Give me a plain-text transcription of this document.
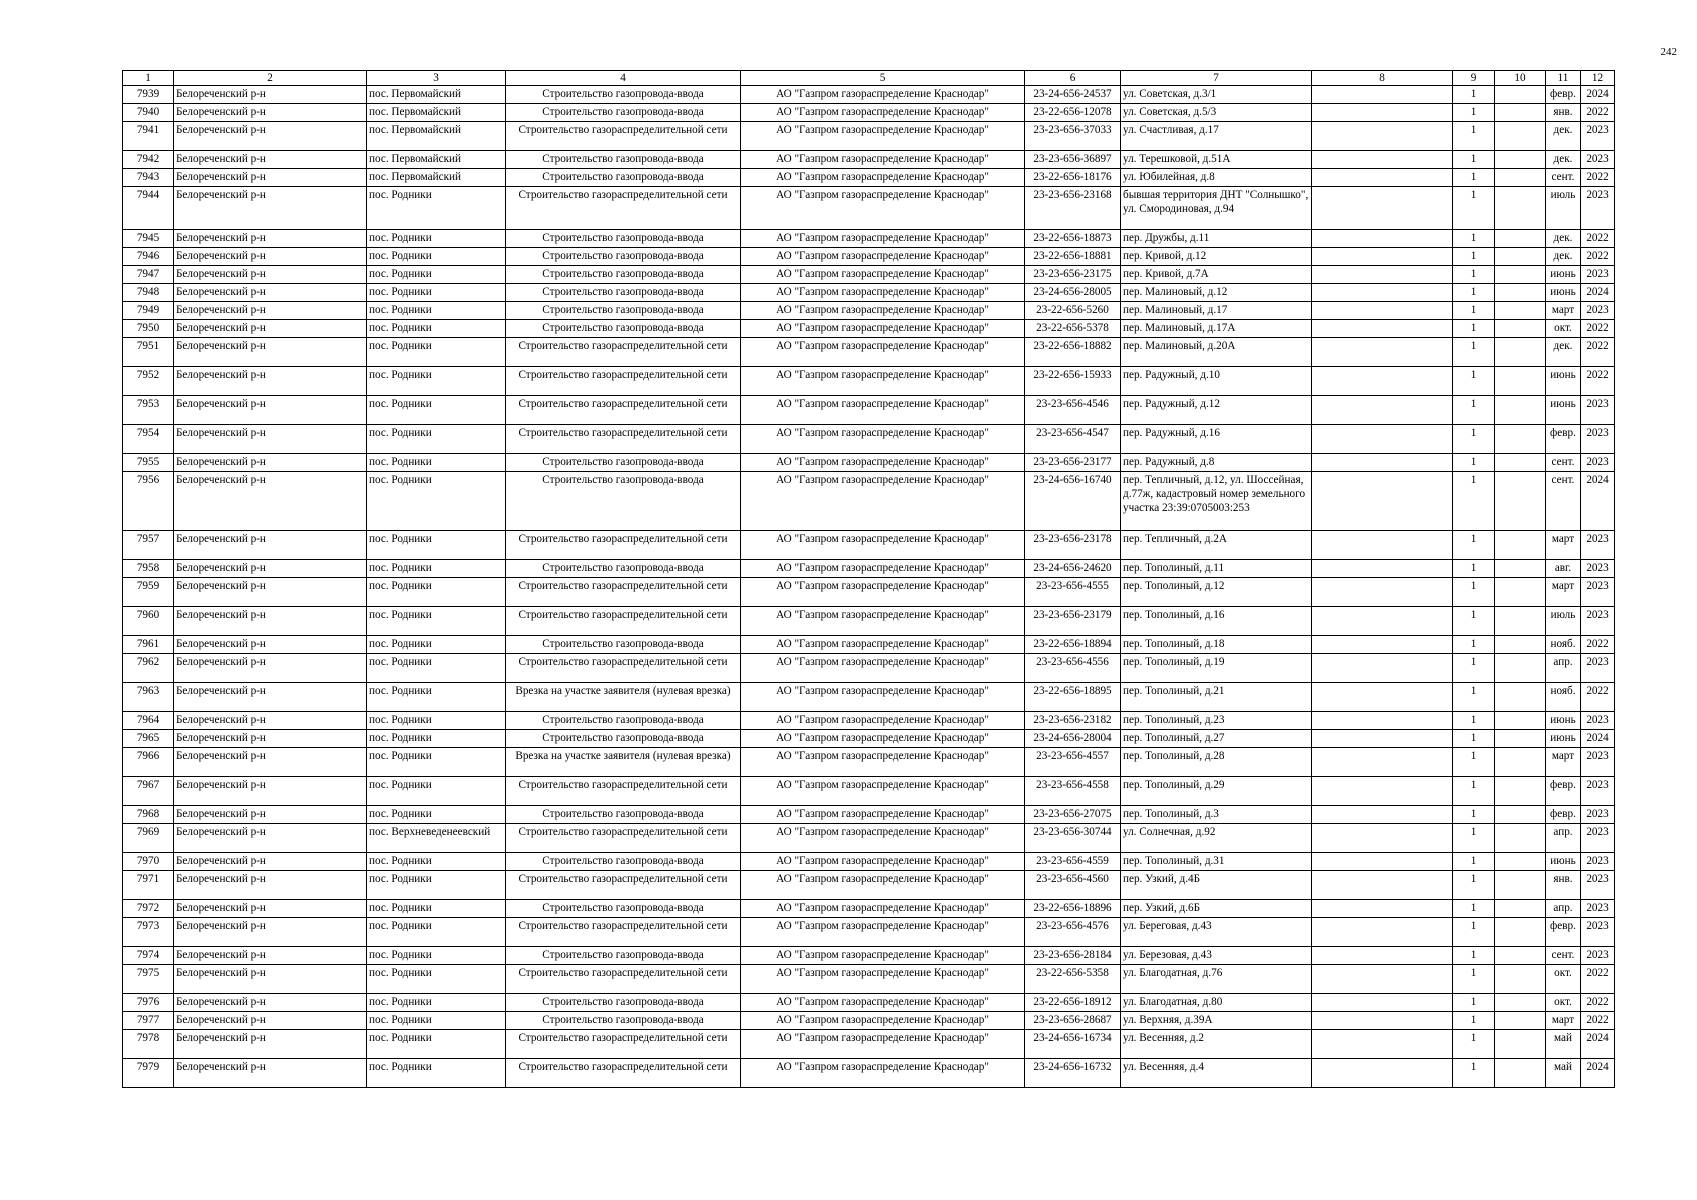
242
1	2	3	4	5	6	7	8	9	10	11	12
7939	Белореченский р-н	пос. Первомайский	Строительство газопровода-ввода	АО "Газпром газораспределение Краснодар"	23-24-656-24537	ул. Советская, д.3/1		1		февр.	2024
7940	Белореченский р-н	пос. Первомайский	Строительство газопровода-ввода	АО "Газпром газораспределение Краснодар"	23-22-656-12078	ул. Советская, д.5/3		1		янв.	2022
7941	Белореченский р-н	пос. Первомайский	Строительство газораспределительной сети	АО "Газпром газораспределение Краснодар"	23-23-656-37033	ул. Счастливая, д.17		1		дек.	2023
7942	Белореченский р-н	пос. Первомайский	Строительство газопровода-ввода	АО "Газпром газораспределение Краснодар"	23-23-656-36897	ул. Терешковой, д.51А		1		дек.	2023
7943	Белореченский р-н	пос. Первомайский	Строительство газопровода-ввода	АО "Газпром газораспределение Краснодар"	23-22-656-18176	ул. Юбилейная, д.8		1		сент.	2022
7944	Белореченский р-н	пос. Родники	Строительство газораспределительной сети	АО "Газпром газораспределение Краснодар"	23-23-656-23168	бывшая территория ДНТ "Солнышко", ул. Смородиновая, д.94		1		июль	2023
7945	Белореченский р-н	пос. Родники	Строительство газопровода-ввода	АО "Газпром газораспределение Краснодар"	23-22-656-18873	пер. Дружбы, д.11		1		дек.	2022
7946	Белореченский р-н	пос. Родники	Строительство газопровода-ввода	АО "Газпром газораспределение Краснодар"	23-22-656-18881	пер. Кривой, д.12		1		дек.	2022
7947	Белореченский р-н	пос. Родники	Строительство газопровода-ввода	АО "Газпром газораспределение Краснодар"	23-23-656-23175	пер. Кривой, д.7А		1		июнь	2023
7948	Белореченский р-н	пос. Родники	Строительство газопровода-ввода	АО "Газпром газораспределение Краснодар"	23-24-656-28005	пер. Малиновый, д.12		1		июнь	2024
7949	Белореченский р-н	пос. Родники	Строительство газопровода-ввода	АО "Газпром газораспределение Краснодар"	23-22-656-5260	пер. Малиновый, д.17		1		март	2023
7950	Белореченский р-н	пос. Родники	Строительство газопровода-ввода	АО "Газпром газораспределение Краснодар"	23-22-656-5378	пер. Малиновый, д.17А		1		окт.	2022
7951	Белореченский р-н	пос. Родники	Строительство газораспределительной сети	АО "Газпром газораспределение Краснодар"	23-22-656-18882	пер. Малиновый, д.20А		1		дек.	2022
7952	Белореченский р-н	пос. Родники	Строительство газораспределительной сети	АО "Газпром газораспределение Краснодар"	23-22-656-15933	пер. Радужный, д.10		1		июнь	2022
7953	Белореченский р-н	пос. Родники	Строительство газораспределительной сети	АО "Газпром газораспределение Краснодар"	23-23-656-4546	пер. Радужный, д.12		1		июнь	2023
7954	Белореченский р-н	пос. Родники	Строительство газораспределительной сети	АО "Газпром газораспределение Краснодар"	23-23-656-4547	пер. Радужный, д.16		1		февр.	2023
7955	Белореченский р-н	пос. Родники	Строительство газопровода-ввода	АО "Газпром газораспределение Краснодар"	23-23-656-23177	пер. Радужный, д.8		1		сент.	2023
7956	Белореченский р-н	пос. Родники	Строительство газопровода-ввода	АО "Газпром газораспределение Краснодар"	23-24-656-16740	пер. Тепличный, д.12, ул. Шоссейная, д.77ж, кадастровый номер земельного участка 23:39:0705003:253		1		сент.	2024
7957	Белореченский р-н	пос. Родники	Строительство газораспределительной сети	АО "Газпром газораспределение Краснодар"	23-23-656-23178	пер. Тепличный, д.2А		1		март	2023
7958	Белореченский р-н	пос. Родники	Строительство газопровода-ввода	АО "Газпром газораспределение Краснодар"	23-24-656-24620	пер. Тополиный, д.11		1		авг.	2023
7959	Белореченский р-н	пос. Родники	Строительство газораспределительной сети	АО "Газпром газораспределение Краснодар"	23-23-656-4555	пер. Тополиный, д.12		1		март	2023
7960	Белореченский р-н	пос. Родники	Строительство газораспределительной сети	АО "Газпром газораспределение Краснодар"	23-23-656-23179	пер. Тополиный, д.16		1		июль	2023
7961	Белореченский р-н	пос. Родники	Строительство газопровода-ввода	АО "Газпром газораспределение Краснодар"	23-22-656-18894	пер. Тополиный, д.18		1		нояб.	2022
7962	Белореченский р-н	пос. Родники	Строительство газораспределительной сети	АО "Газпром газораспределение Краснодар"	23-23-656-4556	пер. Тополиный, д.19		1		апр.	2023
7963	Белореченский р-н	пос. Родники	Врезка на участке заявителя (нулевая врезка)	АО "Газпром газораспределение Краснодар"	23-22-656-18895	пер. Тополиный, д.21		1		нояб.	2022
7964	Белореченский р-н	пос. Родники	Строительство газопровода-ввода	АО "Газпром газораспределение Краснодар"	23-23-656-23182	пер. Тополиный, д.23		1		июнь	2023
7965	Белореченский р-н	пос. Родники	Строительство газопровода-ввода	АО "Газпром газораспределение Краснодар"	23-24-656-28004	пер. Тополиный, д.27		1		июнь	2024
7966	Белореченский р-н	пос. Родники	Врезка на участке заявителя (нулевая врезка)	АО "Газпром газораспределение Краснодар"	23-23-656-4557	пер. Тополиный, д.28		1		март	2023
7967	Белореченский р-н	пос. Родники	Строительство газораспределительной сети	АО "Газпром газораспределение Краснодар"	23-23-656-4558	пер. Тополиный, д.29		1		февр.	2023
7968	Белореченский р-н	пос. Родники	Строительство газопровода-ввода	АО "Газпром газораспределение Краснодар"	23-23-656-27075	пер. Тополиный, д.3		1		февр.	2023
7969	Белореченский р-н	пос. Верхневеденеевский	Строительство газораспределительной сети	АО "Газпром газораспределение Краснодар"	23-23-656-30744	ул. Солнечная, д.92		1		апр.	2023
7970	Белореченский р-н	пос. Родники	Строительство газопровода-ввода	АО "Газпром газораспределение Краснодар"	23-23-656-4559	пер. Тополиный, д.31		1		июнь	2023
7971	Белореченский р-н	пос. Родники	Строительство газораспределительной сети	АО "Газпром газораспределение Краснодар"	23-23-656-4560	пер. Узкий, д.4Б		1		янв.	2023
7972	Белореченский р-н	пос. Родники	Строительство газопровода-ввода	АО "Газпром газораспределение Краснодар"	23-22-656-18896	пер. Узкий, д.6Б		1		апр.	2023
7973	Белореченский р-н	пос. Родники	Строительство газораспределительной сети	АО "Газпром газораспределение Краснодар"	23-23-656-4576	ул. Береговая, д.43		1		февр.	2023
7974	Белореченский р-н	пос. Родники	Строительство газопровода-ввода	АО "Газпром газораспределение Краснодар"	23-23-656-28184	ул. Березовая, д.43		1		сент.	2023
7975	Белореченский р-н	пос. Родники	Строительство газораспределительной сети	АО "Газпром газораспределение Краснодар"	23-22-656-5358	ул. Благодатная, д.76		1		окт.	2022
7976	Белореченский р-н	пос. Родники	Строительство газопровода-ввода	АО "Газпром газораспределение Краснодар"	23-22-656-18912	ул. Благодатная, д.80		1		окт.	2022
7977	Белореченский р-н	пос. Родники	Строительство газопровода-ввода	АО "Газпром газораспределение Краснодар"	23-23-656-28687	ул. Верхняя, д.39А		1		март	2022
7978	Белореченский р-н	пос. Родники	Строительство газораспределительной сети	АО "Газпром газораспределение Краснодар"	23-24-656-16734	ул. Весенняя, д.2		1		май	2024
7979	Белореченский р-н	пос. Родники	Строительство газораспределительной сети	АО "Газпром газораспределение Краснодар"	23-24-656-16732	ул. Весенняя, д.4		1		май	2024
